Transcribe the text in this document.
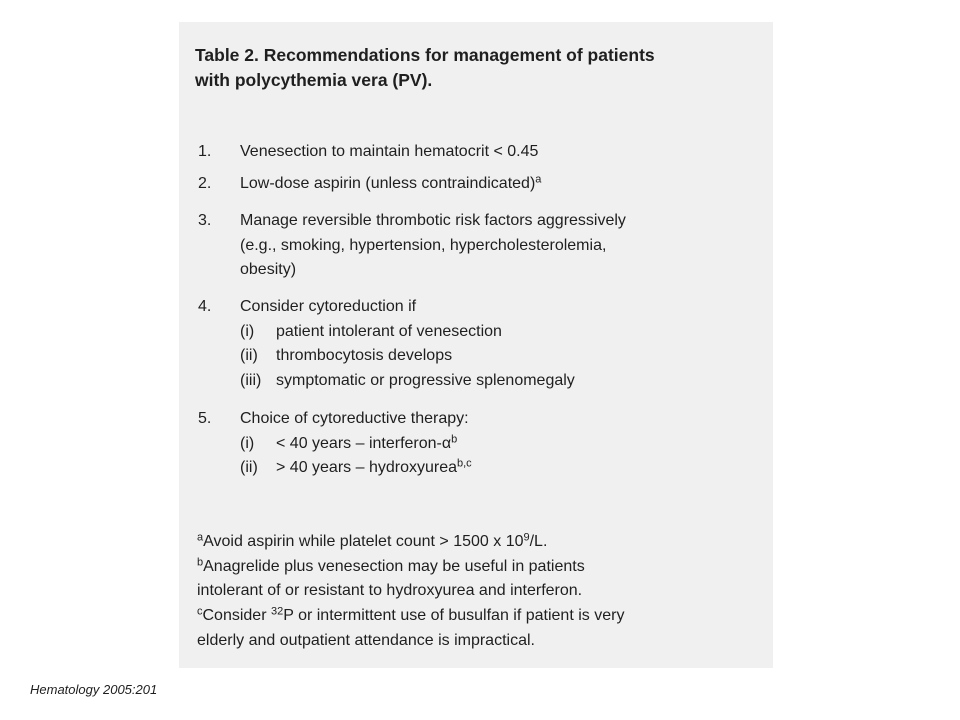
Table 2. Recommendations for management of patients
with polycythemia vera (PV).
1.	Venesection to maintain hematocrit < 0.45
2.	Low-dose aspirin (unless contraindicated)$^a$
3.	Manage reversible thrombotic risk factors aggressively
(e.g., smoking, hypertension, hypercholesterolemia,
obesity)
4.	Consider cytoreduction if
(i) patient intolerant of venesection
(ii) thrombocytosis develops
(iii) symptomatic or progressive splenomegaly
5.	Choice of cytoreductive therapy:
(i) < 40 years – interferon-$\alpha^b$
(ii) > 40 years – hydroxyurea$^{b,c}$
$^a$Avoid aspirin while platelet count > 1500 x $10^9/L$.
$^b$Anagrelide plus venesection may be useful in patients
intolerant of or resistant to hydroxyurea and interferon.
$^c$Consider $^{32}$P or intermittent use of busulfan if patient is very
elderly and outpatient attendance is impractical.
Hematology 2005:201
